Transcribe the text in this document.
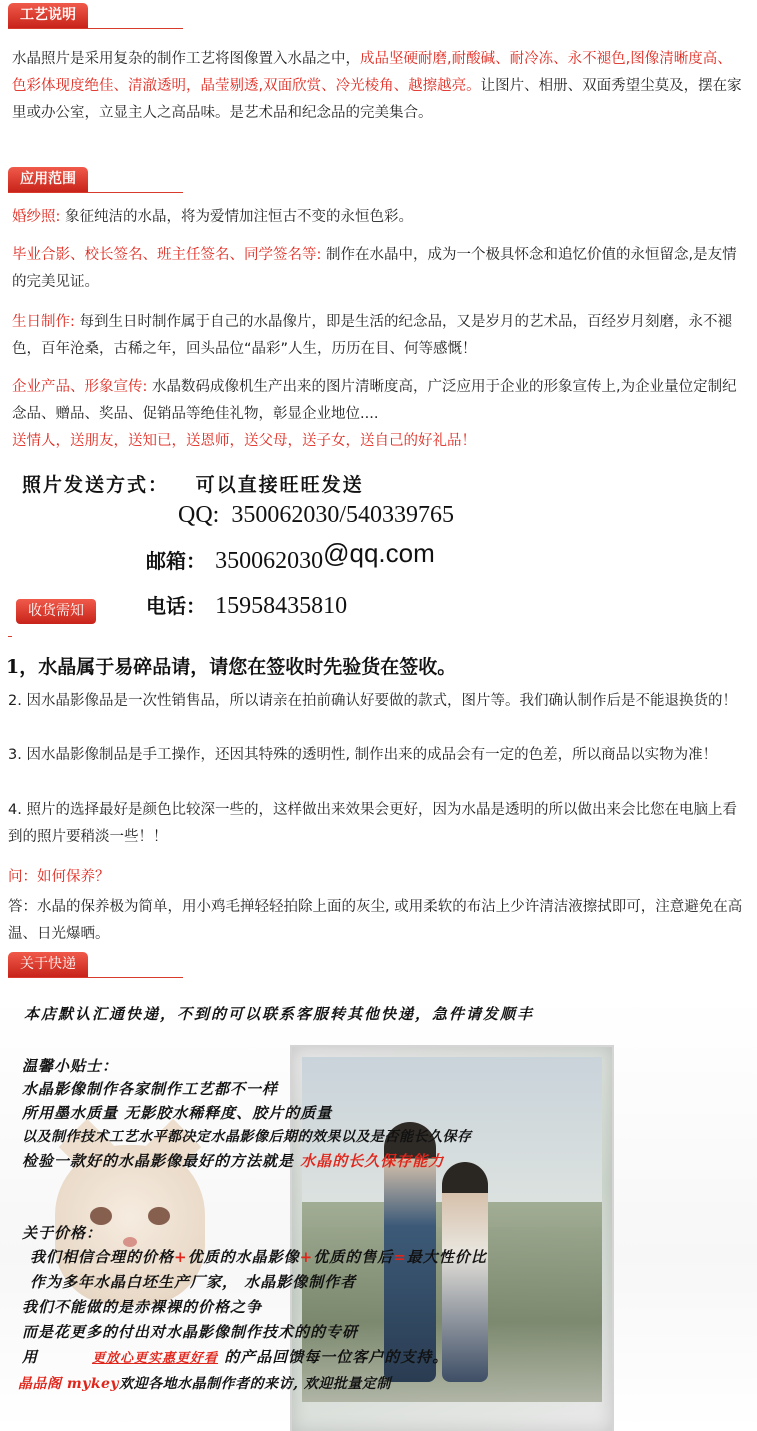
工艺说明
水晶照片是采用复杂的制作工艺将图像置入水晶之中，成品坚硬耐磨,耐酸碱、耐冷冻、永不褪色,图像清晰度高、色彩体现度绝佳、清澈透明，晶莹剔透,双面欣赏、冷光棱角、越擦越亮。让图片、相册、双面秀望尘莫及，摆在家里或办公室，立显主人之高品味。是艺术品和纪念品的完美集合。
应用范围
婚纱照: 象征纯洁的水晶，将为爱情加注恒古不变的永恒色彩。
毕业合影、校长签名、班主任签名、同学签名等: 制作在水晶中，成为一个极具怀念和追忆价值的永恒留念,是友情的完美见证。
生日制作: 每到生日时制作属于自己的水晶像片，即是生活的纪念品，又是岁月的艺术品，百经岁月刻磨，永不褪色，百年沧桑，古稀之年，回头品位“晶彩”人生，历历在目、何等感慨！
企业产品、形象宣传: 水晶数码成像机生产出来的图片清晰度高，广泛应用于企业的形象宣传上,为企业量位定制纪念品、赠品、奖品、促销品等绝佳礼物，彰显企业地位....
送情人，送朋友，送知已，送恩师，送父母，送子女，送自己的好礼品！
照片发送方式： 可以直接旺旺发送
QQ: 350062030/540339765
邮箱： 350062030@qq.com
电话： 15958435810
收货需知
1，水晶属于易碎品请，请您在签收时先验货在签收。
2. 因水晶影像品是一次性销售品，所以请亲在拍前确认好要做的款式，图片等。我们确认制作后是不能退换货的！
3. 因水晶影像制品是手工操作，还因其特殊的透明性, 制作出来的成品会有一定的色差，所以商品以实物为准！
4. 照片的选择最好是颜色比较深一些的，这样做出来效果会更好，因为水晶是透明的所以做出来会比您在电脑上看到的照片要稍淡一些！！
问：如何保养？
答：水晶的保养极为简单，用小鸡毛掸轻轻拍除上面的灰尘, 或用柔软的布沾上少许清洁液擦拭即可，注意避免在高温、日光爆晒。
关于快递
本店默认汇通快递，不到的可以联系客服转其他快递，急件请发顺丰
温馨小贴士：
水晶影像制作各家制作工艺都不一样
所用墨水质量 无影胶水稀释度、胶片的质量
以及制作技术工艺水平都决定水晶影像后期的效果以及是否能长久保存
检验一款好的水晶影像最好的方法就是 水晶的长久保存能力
关于价格：
我们相信合理的价格+优质的水晶影像+优质的售后=最大性价比
作为多年水晶白坯生产厂家， 水晶影像制作者
我们不能做的是赤裸裸的价格之争
而是花更多的付出对水晶影像制作技术的的专研
用	更放心更实惠更好看 的产品回馈每一位客户的支持。
晶品阁 mykey欢迎各地水晶制作者的来访, 欢迎批量定制
